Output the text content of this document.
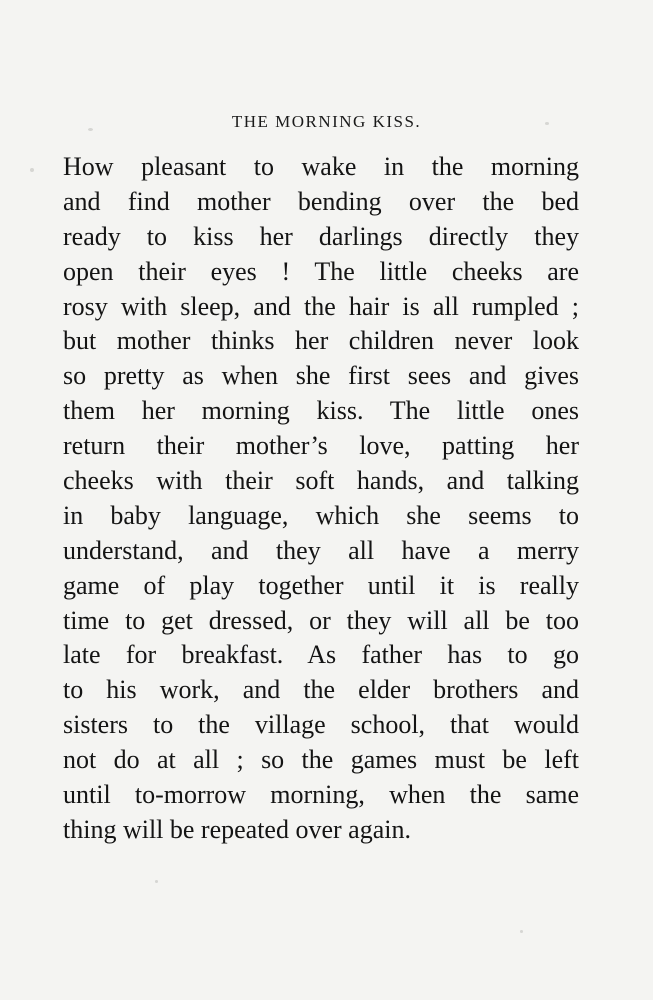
THE MORNING KISS.
How pleasant to wake in the morning
and find mother bending over the bed
ready to kiss her darlings directly they
open their eyes ! The little cheeks are
rosy with sleep, and the hair is all rumpled ;
but mother thinks her children never look
so pretty as when she first sees and gives
them her morning kiss. The little ones
return their mother’s love, patting her
cheeks with their soft hands, and talking
in baby language, which she seems to
understand, and they all have a merry
game of play together until it is really
time to get dressed, or they will all be too
late for breakfast. As father has to go
to his work, and the elder brothers and
sisters to the village school, that would
not do at all ; so the games must be left
until to-morrow morning, when the same
thing will be repeated over again.
